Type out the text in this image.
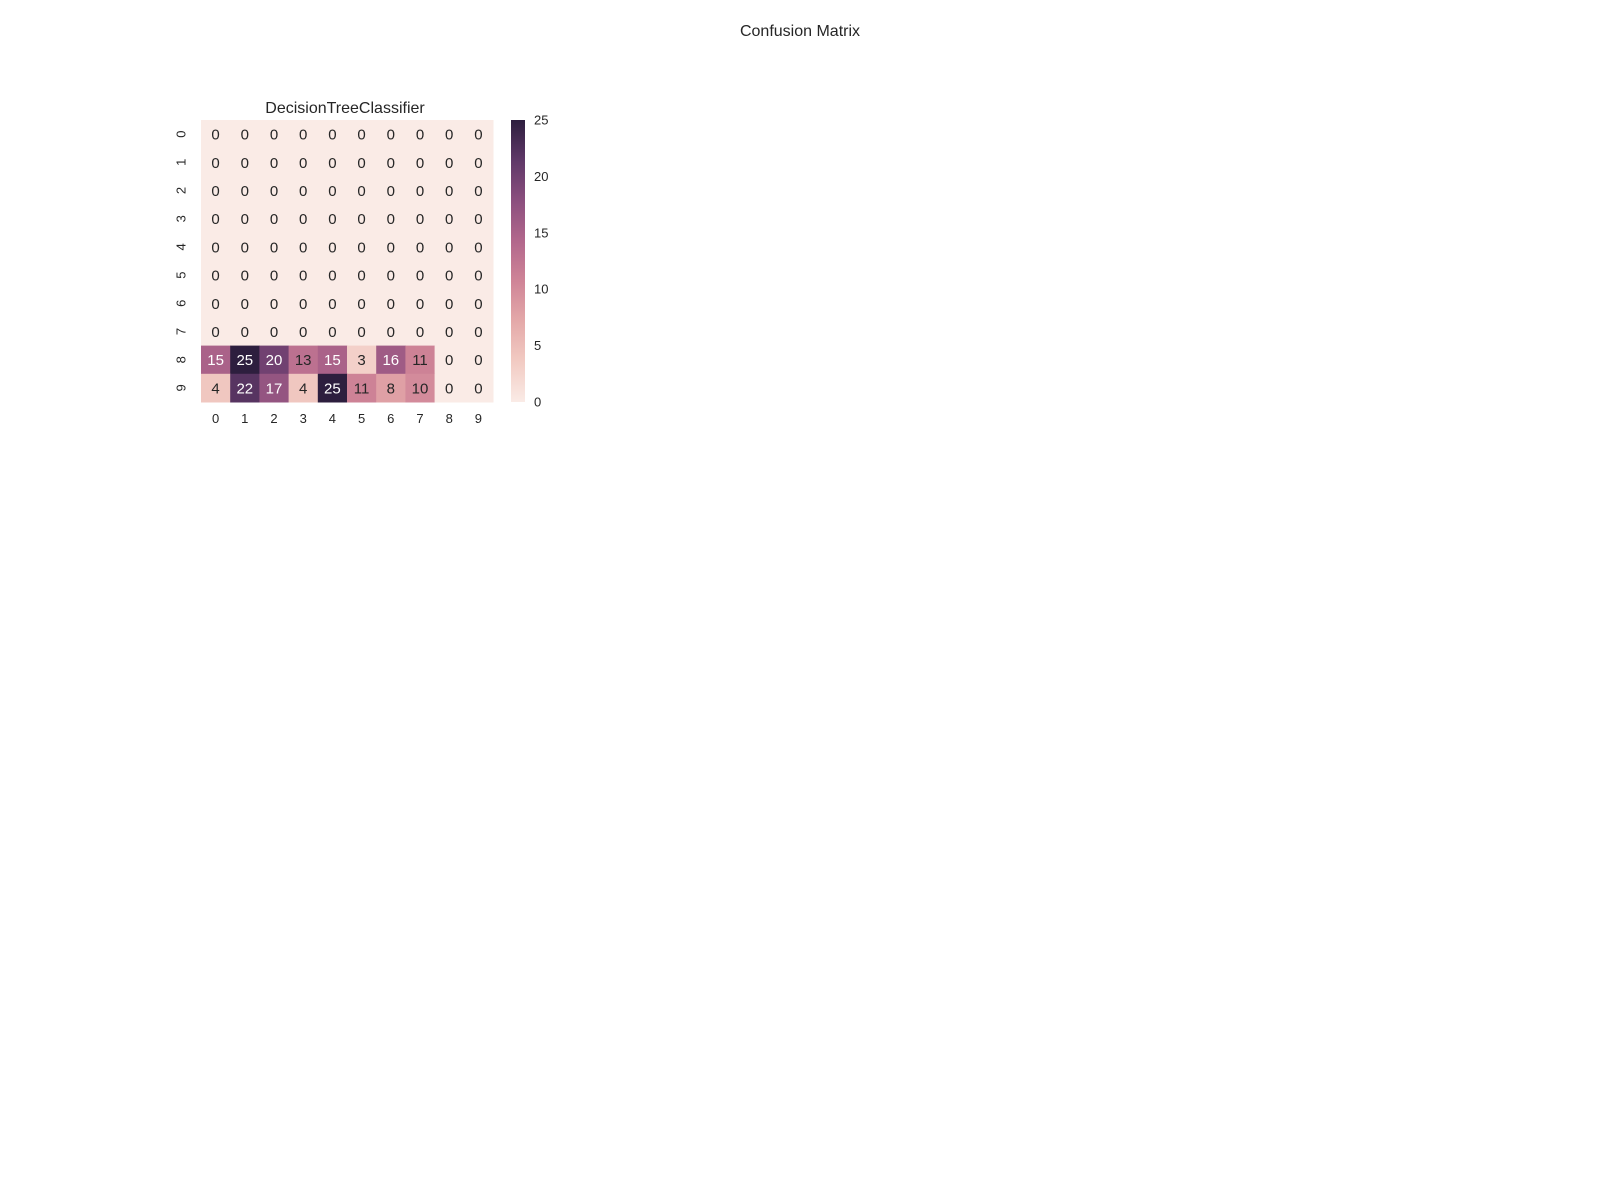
Confusion Matrix
DecisionTreeClassifier
0 0 0 0 0 0 0 0 0 0
0 0 0 0 0 0 0 0 0 0
0 0 0 0 0 0 0 0 0 0
0 0 0 0 0 0 0 0 0 0
0 0 0 0 0 0 0 0 0 0
0 0 0 0 0 0 0 0 0 0
0 0 0 0 0 0 0 0 0 0
0 0 0 0 0 0 0 0 0 0
15 25 20 13 15 3 16 11 0 0
4 22 17 4 25 11 8 10 0 0
0 1 2 3 4 5 6 7 8 9
0
1
2
3
4
5
6
7
8
9
0
5
10
15
20
25
